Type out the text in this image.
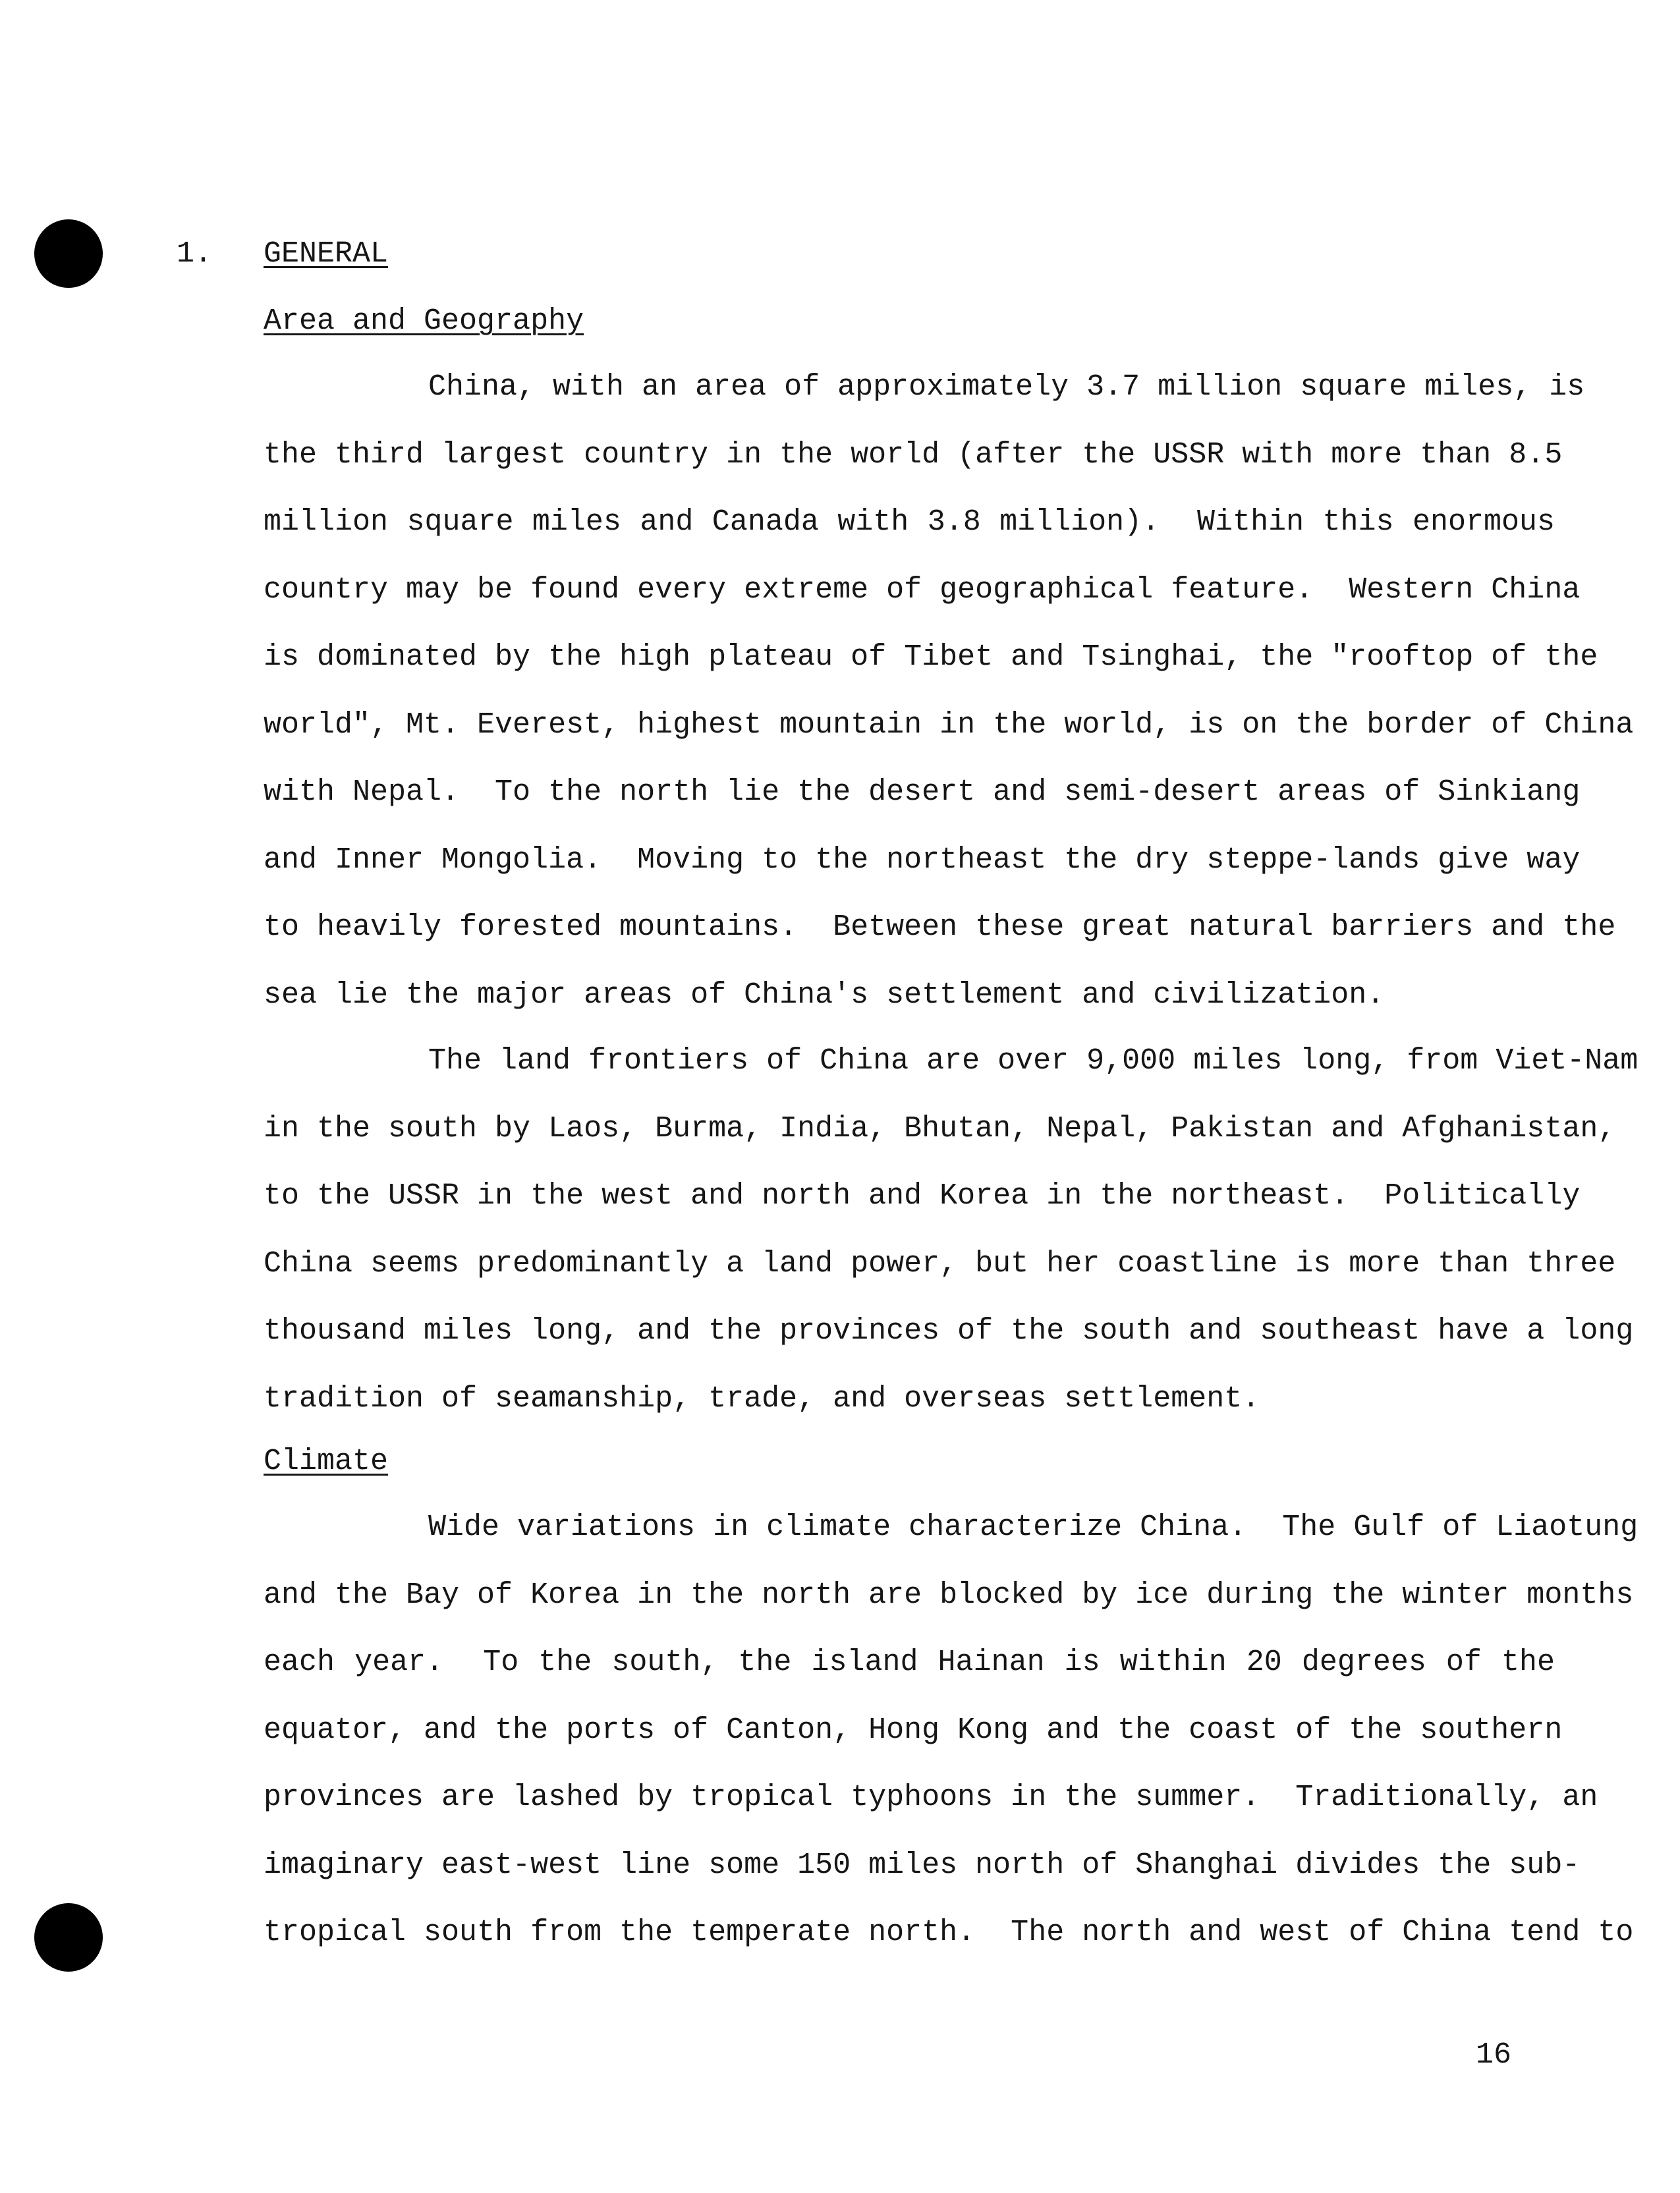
1. GENERAL
Area and Geography
China, with an area of approximately 3.7 million square miles, is
the third largest country in the world (after the USSR with more than 8.5
million square miles and Canada with 3.8 million).  Within this enormous
country may be found every extreme of geographical feature.  Western China
is dominated by the high plateau of Tibet and Tsinghai, the "rooftop of the
world", Mt. Everest, highest mountain in the world, is on the border of China
with Nepal.  To the north lie the desert and semi-desert areas of Sinkiang
and Inner Mongolia.  Moving to the northeast the dry steppe-lands give way
to heavily forested mountains.  Between these great natural barriers and the
sea lie the major areas of China's settlement and civilization.
The land frontiers of China are over 9,000 miles long, from Viet-Nam
in the south by Laos, Burma, India, Bhutan, Nepal, Pakistan and Afghanistan,
to the USSR in the west and north and Korea in the northeast.  Politically
China seems predominantly a land power, but her coastline is more than three
thousand miles long, and the provinces of the south and southeast have a long
tradition of seamanship, trade, and overseas settlement.
Climate
Wide variations in climate characterize China.  The Gulf of Liaotung
and the Bay of Korea in the north are blocked by ice during the winter months
each year.  To the south, the island Hainan is within 20 degrees of the
equator, and the ports of Canton, Hong Kong and the coast of the southern
provinces are lashed by tropical typhoons in the summer.  Traditionally, an
imaginary east-west line some 150 miles north of Shanghai divides the sub-
tropical south from the temperate north.  The north and west of China tend to
16
